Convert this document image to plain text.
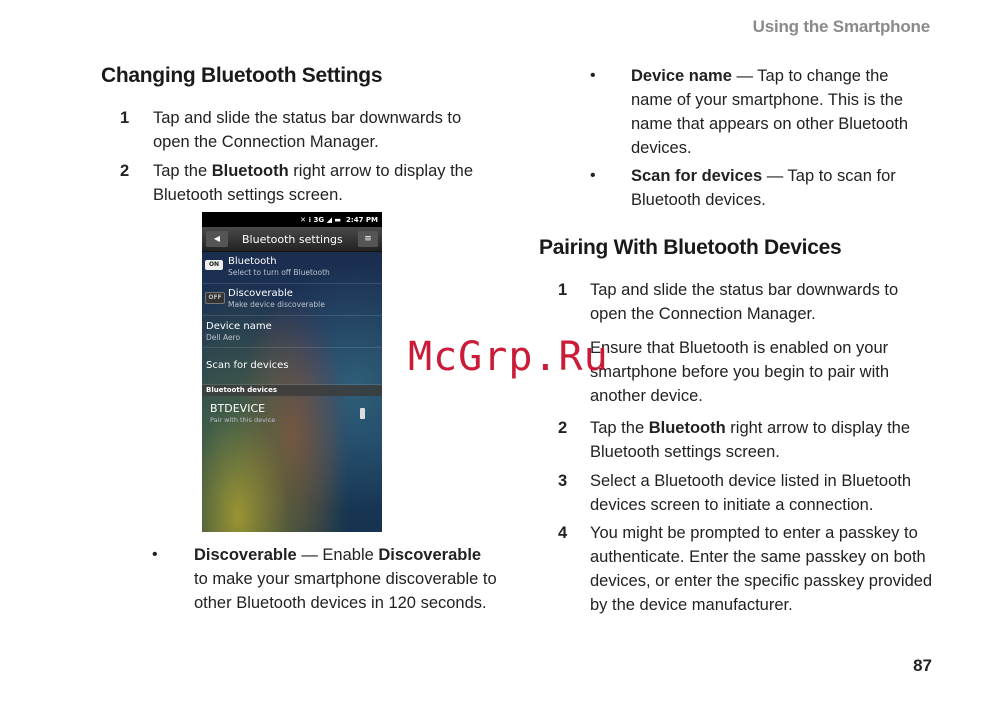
Using the Smartphone
Changing Bluetooth Settings
1 Tap and slide the status bar downwards to open the Connection Manager.
2 Tap the Bluetooth right arrow to display the Bluetooth settings screen.
✕ ⁝ 3G ◢ ▬ 2:47 PM
◀	Bluetooth settings	≡
ON Bluetooth
Select to turn off Bluetooth
OFF Discoverable
Make device discoverable
Device name
Dell Aero
Scan for devices
Bluetooth devices
BTDEVICE
Pair with this device
• Discoverable — Enable Discoverable to make your smartphone discoverable to other Bluetooth devices in 120 seconds.
• Device name — Tap to change the name of your smartphone. This is the name that appears on other Bluetooth devices.
• Scan for devices — Tap to scan for Bluetooth devices.
Pairing With Bluetooth Devices
1 Tap and slide the status bar downwards to open the Connection Manager.
Ensure that Bluetooth is enabled on your smartphone before you begin to pair with another device.
2 Tap the Bluetooth right arrow to display the Bluetooth settings screen.
3 Select a Bluetooth device listed in Bluetooth devices screen to initiate a connection.
4 You might be prompted to enter a passkey to authenticate. Enter the same passkey on both devices, or enter the specific passkey provided by the device manufacturer.
McGrp.Ru
87
